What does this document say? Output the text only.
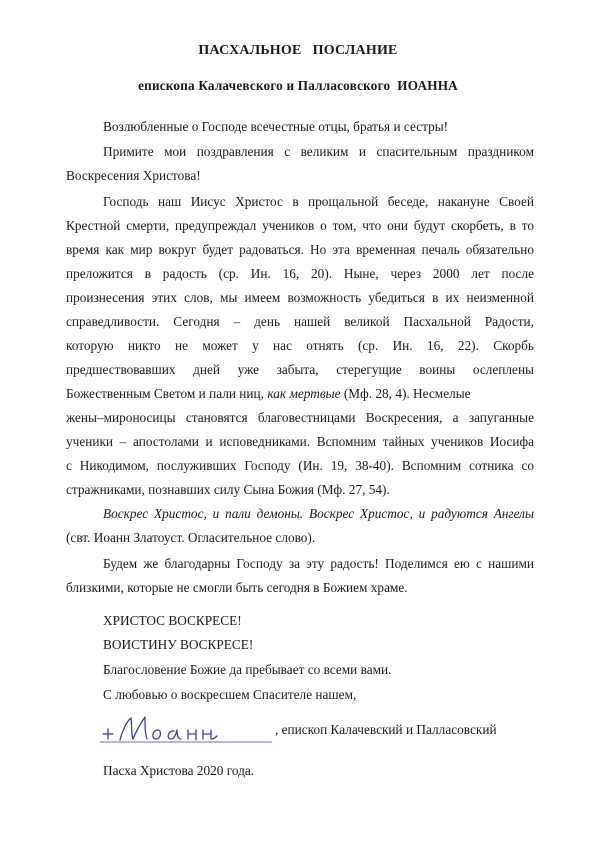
ПАСХАЛЬНОЕ   ПОСЛАНИЕ
епископа Калачевского и Палласовского  ИОАННА
Возлюбленные о Господе всечестные отцы, братья и сестры!
Примите мои поздравления с великим и спасительным праздником
Воскресения Христова!
Господь наш Иисус Христос в прощальной беседе, накануне Своей
Крестной смерти, предупреждал учеников о том, что они будут скорбеть, в то
время как мир вокруг будет радоваться. Но эта временная печаль обязательно
преложится в радость (ср. Ин. 16, 20). Ныне, через 2000 лет после
произнесения этих слов, мы имеем возможность убедиться в их неизменной
справедливости. Сегодня – день нашей великой Пасхальной Радости,
которую никто не может у нас отнять (ср. Ин. 16, 22). Скорбь
предшествовавших дней уже забыта, стерегущие воины ослеплены
Божественным Светом и пали ниц, как мертвые (Мф. 28, 4). Несмелые
жены–мироносицы становятся благовестницами Воскресения, а запуганные
ученики – апостолами и исповедниками. Вспомним тайных учеников Иосифа
с Никодимом, послуживших Господу (Ин. 19, 38-40). Вспомним сотника со
стражниками, познавших силу Сына Божия (Мф. 27, 54).
Воскрес Христос, и пали демоны. Воскрес Христос, и радуются Ангелы
(свт. Иоанн Златоуст. Огласительное слово).
Будем же благодарны Господу за эту радость! Поделимся ею с нашими
близкими, которые не смогли быть сегодня в Божием храме.
ХРИСТОС ВОСКРЕСЕ!
ВОИСТИНУ ВОСКРЕСЕ!
Благословение Божие да пребывает со всеми вами.
С любовью о воскресшем Спасителе нашем,
, епископ Калачевский и Палласовский
Пасха Христова 2020 года.
